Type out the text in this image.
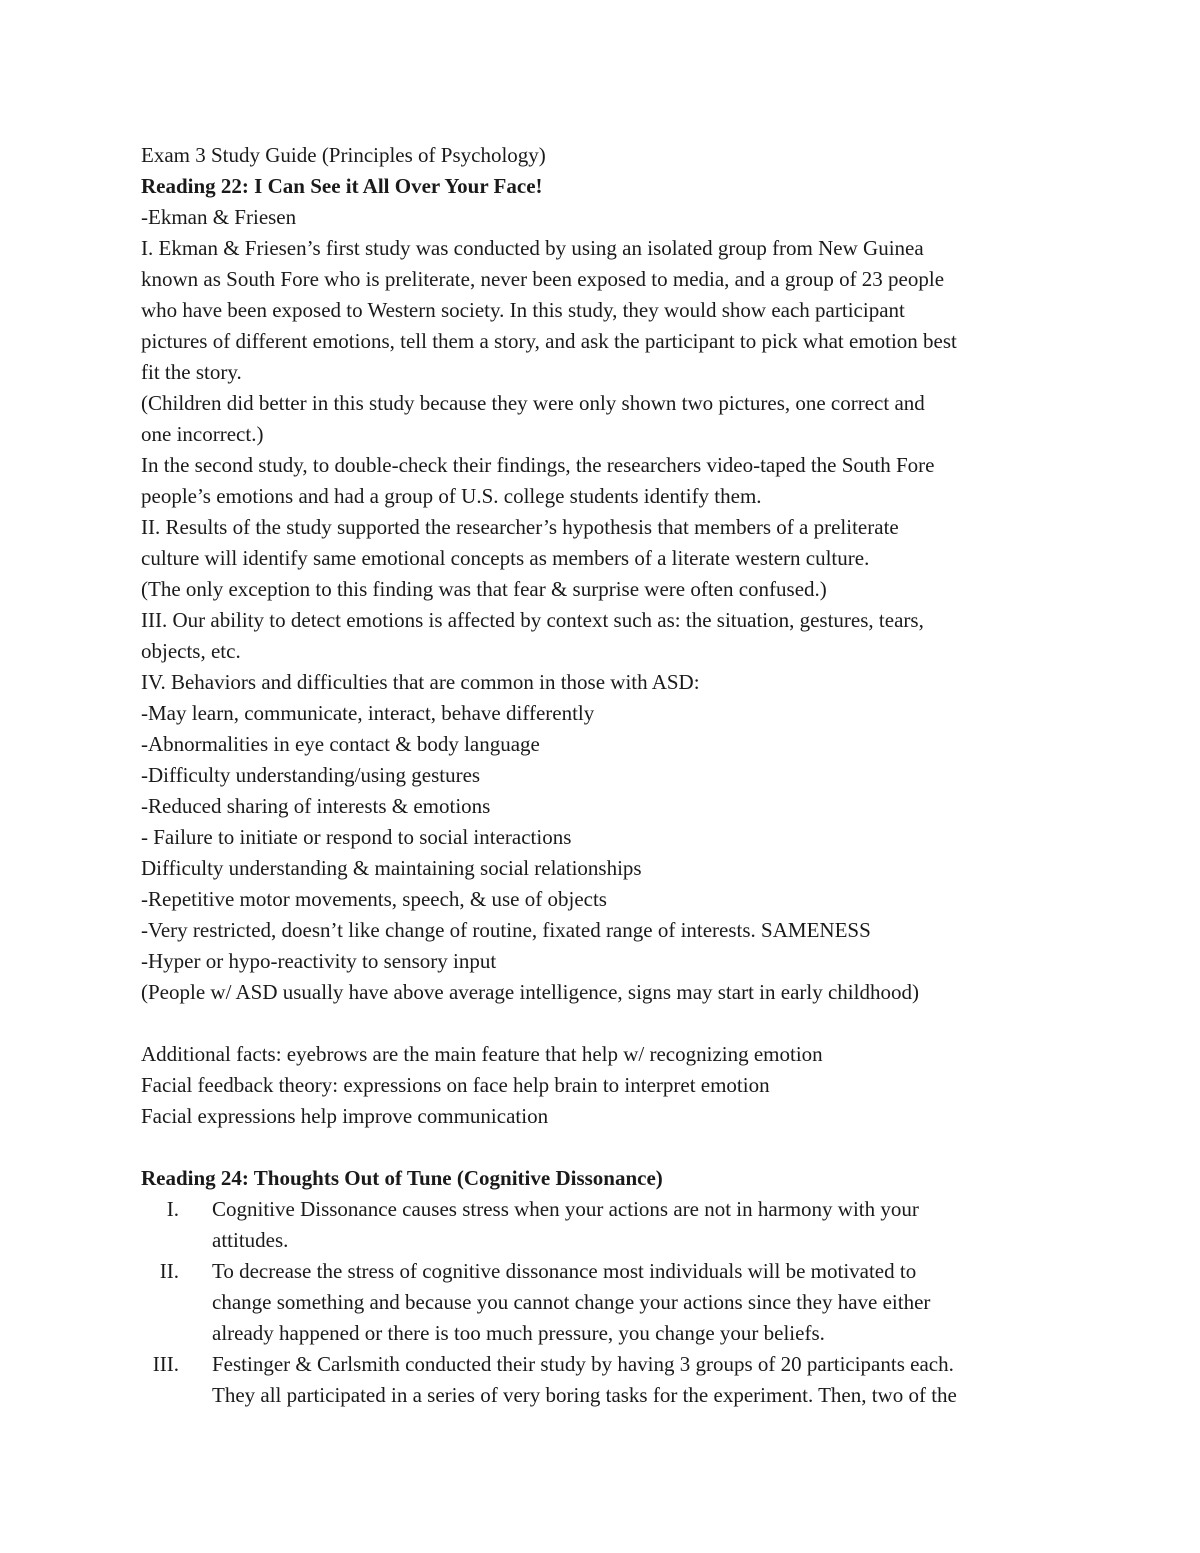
Exam 3 Study Guide (Principles of Psychology)
Reading 22: I Can See it All Over Your Face!
-Ekman & Friesen
I. Ekman & Friesen’s first study was conducted by using an isolated group from New Guinea
known as South Fore who is preliterate, never been exposed to media, and a group of 23 people
who have been exposed to Western society. In this study, they would show each participant
pictures of different emotions, tell them a story, and ask the participant to pick what emotion best
fit the story.
(Children did better in this study because they were only shown two pictures, one correct and
one incorrect.)
In the second study, to double-check their findings, the researchers video-taped the South Fore
people’s emotions and had a group of U.S. college students identify them.
II. Results of the study supported the researcher’s hypothesis that members of a preliterate
culture will identify same emotional concepts as members of a literate western culture.
(The only exception to this finding was that fear & surprise were often confused.)
III. Our ability to detect emotions is affected by context such as: the situation, gestures, tears,
objects, etc.
IV. Behaviors and difficulties that are common in those with ASD:
-May learn, communicate, interact, behave differently
-Abnormalities in eye contact & body language
-Difficulty understanding/using gestures
-Reduced sharing of interests & emotions
- Failure to initiate or respond to social interactions
Difficulty understanding & maintaining social relationships
-Repetitive motor movements, speech, & use of objects
-Very restricted, doesn’t like change of routine, fixated range of interests. SAMENESS
-Hyper or hypo-reactivity to sensory input
(People w/ ASD usually have above average intelligence, signs may start in early childhood)
Additional facts: eyebrows are the main feature that help w/ recognizing emotion
Facial feedback theory: expressions on face help brain to interpret emotion
Facial expressions help improve communication
Reading 24: Thoughts Out of Tune (Cognitive Dissonance)
I. Cognitive Dissonance causes stress when your actions are not in harmony with your
attitudes.
II. To decrease the stress of cognitive dissonance most individuals will be motivated to
change something and because you cannot change your actions since they have either
already happened or there is too much pressure, you change your beliefs.
III. Festinger & Carlsmith conducted their study by having 3 groups of 20 participants each.
They all participated in a series of very boring tasks for the experiment. Then, two of the
